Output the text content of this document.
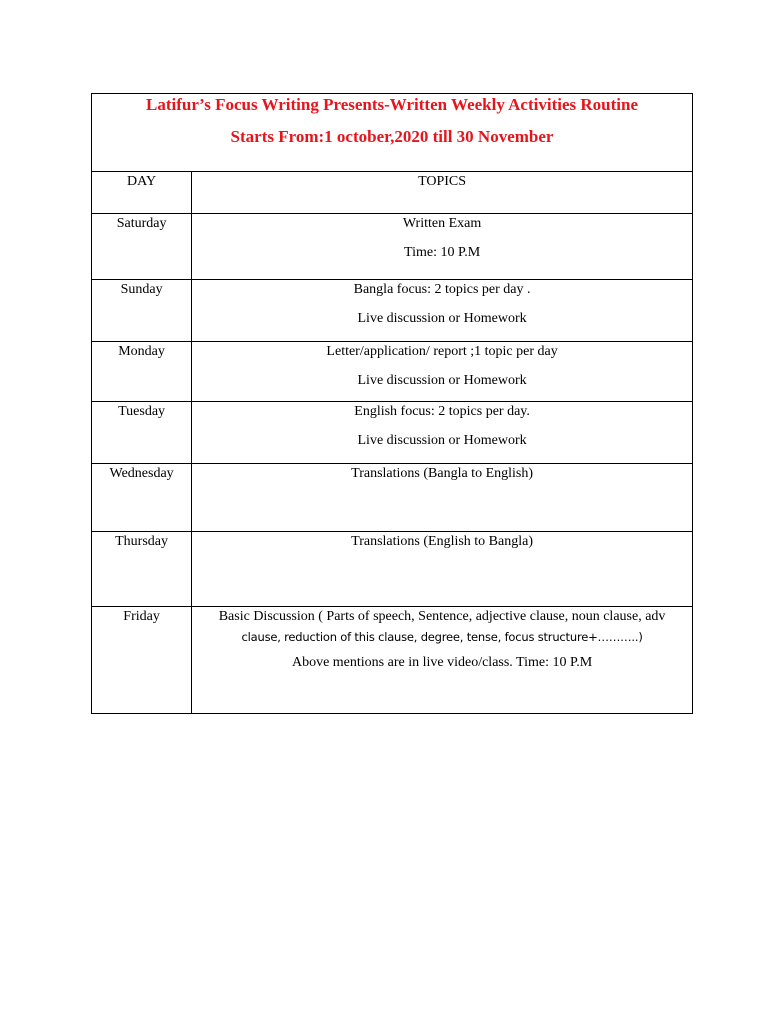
Latifur’s Focus Writing Presents-Written Weekly Activities Routine
Starts From:1 october,2020 till 30 November	

DAY	TOPICS

Saturday	Written Exam
Time: 10 P.M

Sunday	Bangla focus: 2 topics per day .
Live discussion or Homework

Monday	Letter/application/ report ;1 topic per day
Live discussion or Homework

Tuesday	English focus: 2 topics per day.
Live discussion or Homework

Wednesday	Translations (Bangla to English)

Thursday	Translations (English to Bangla)

Friday	Basic Discussion ( Parts of speech, Sentence, adjective clause, noun clause, adv
clause, reduction of this clause, degree, tense, focus structure+………..)
Above mentions are in live video/class. Time: 10 P.M
